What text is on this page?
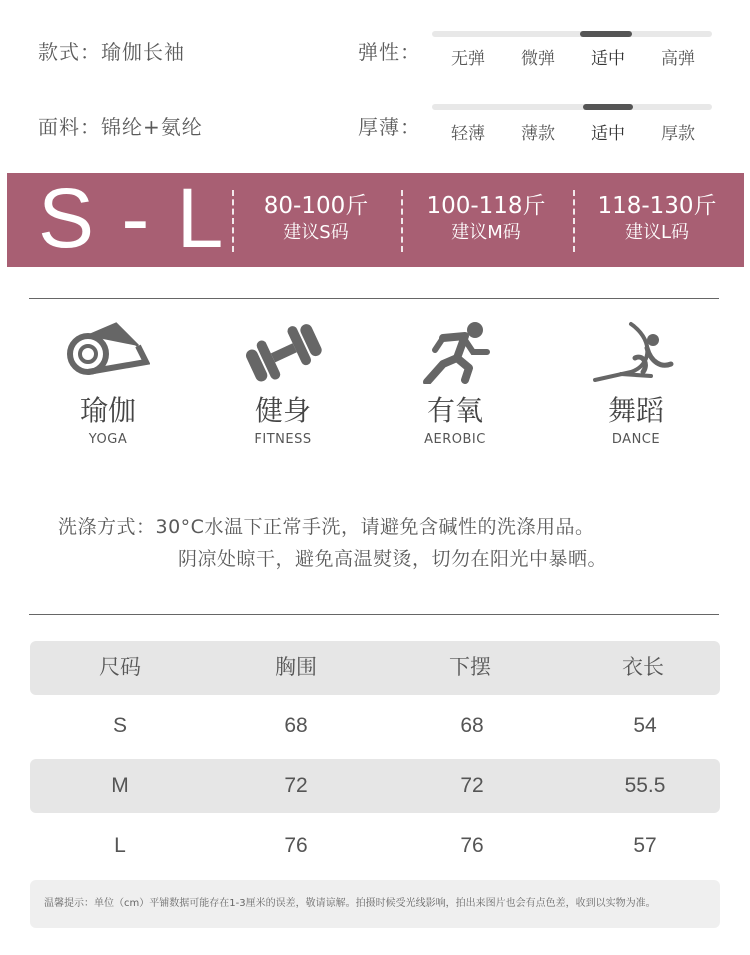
款式：瑜伽长袖
面料：锦纶+氨纶
弹性：	无弹	微弹	适中	高弹
厚薄：	轻薄	薄款	适中	厚款
S - L	80-100斤
建议S码
100-118斤
建议M码
118-130斤
建议L码
瑜伽
YOGA
健身
FITNESS
有氧
AEROBIC
舞蹈
DANCE
洗涤方式：30°C水温下正常手洗，请避免含碱性的洗涤用品。
阴凉处晾干，避免高温熨烫，切勿在阳光中暴晒。
尺码	胸围	下摆	衣长
S	68	68	54
M	72	72	55.5
L	76	76	57
温馨提示：单位（cm）平铺数据可能存在1-3厘米的误差，敬请谅解。拍摄时候受光线影响，拍出来图片也会有点色差，收到以实物为准。
